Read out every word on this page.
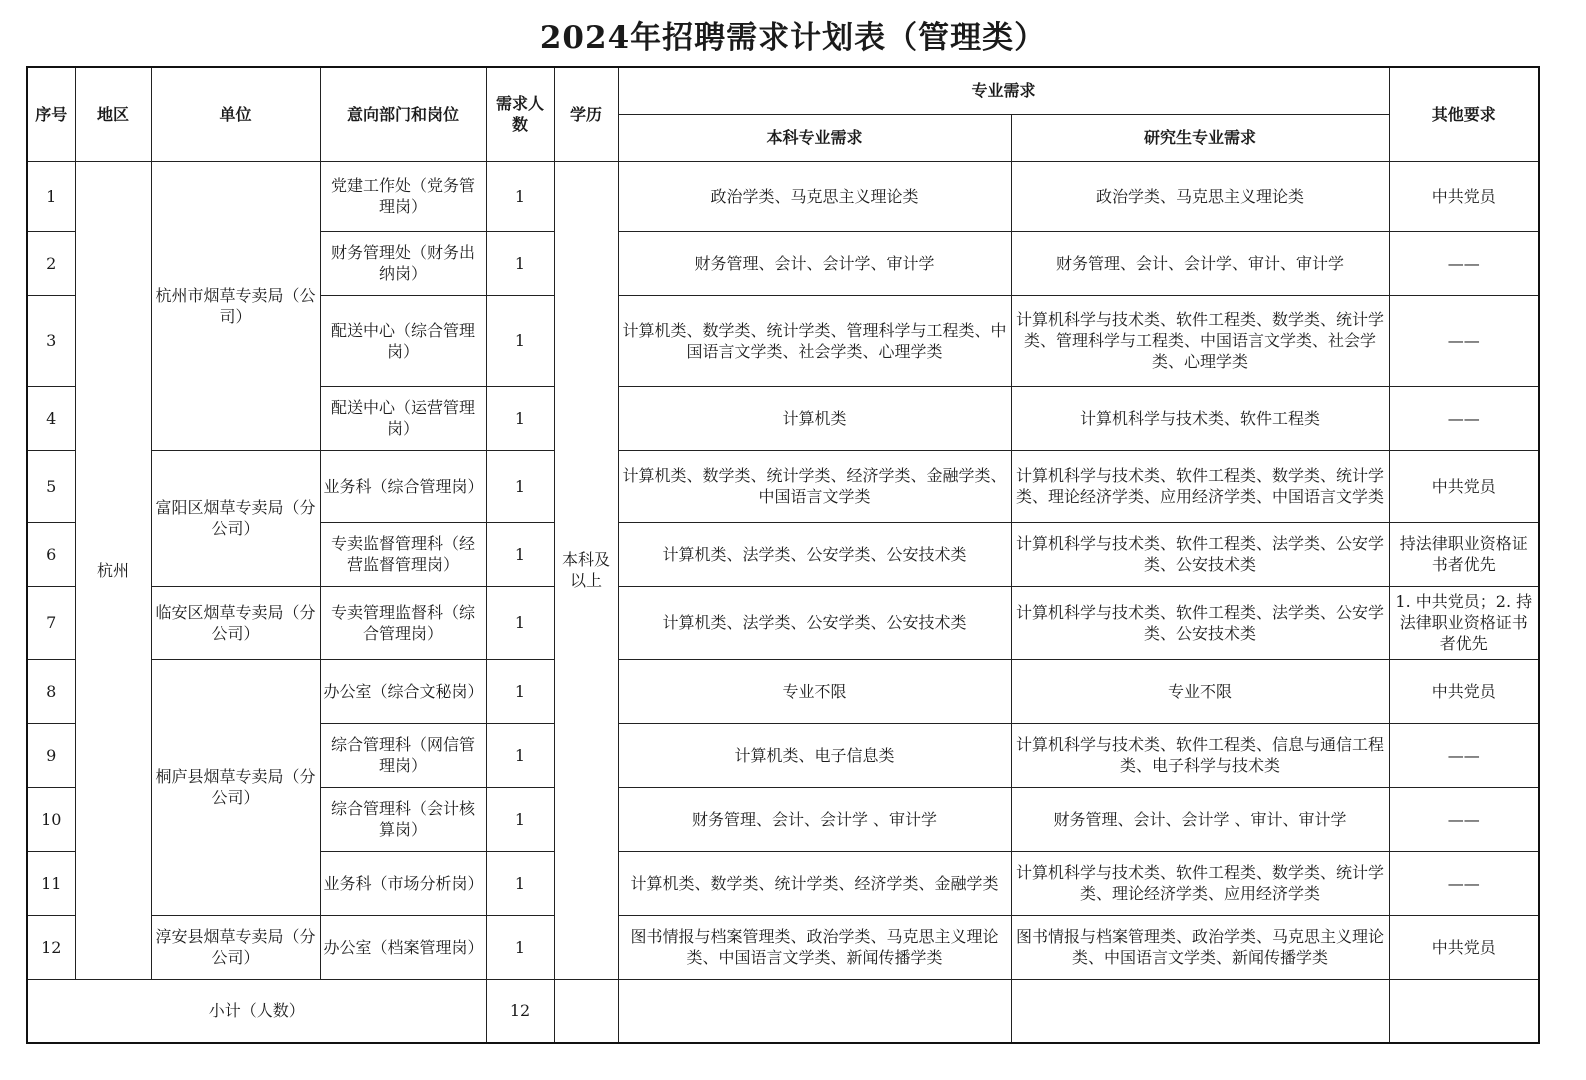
2024年招聘需求计划表（管理类）
序号	地区	单位	意向部门和岗位	需求人数	学历	专业需求		其他要求
						本科专业需求	研究生专业需求	
1	杭州	杭州市烟草专卖局（公司）	党建工作处（党务管理岗）	1	本科及以上	政治学类、马克思主义理论类	政治学类、马克思主义理论类	中共党员
2			财务管理处（财务出纳岗）	1		财务管理、会计、会计学、审计学	财务管理、会计、会计学、审计、审计学	——
3			配送中心（综合管理岗）	1		计算机类、数学类、统计学类、管理科学与工程类、中国语言文学类、社会学类、心理学类	计算机科学与技术类、软件工程类、数学类、统计学类、管理科学与工程类、中国语言文学类、社会学类、心理学类	——
4			配送中心（运营管理岗）	1		计算机类	计算机科学与技术类、软件工程类	——
5		富阳区烟草专卖局（分公司）	业务科（综合管理岗）	1		计算机类、数学类、统计学类、经济学类、金融学类、中国语言文学类	计算机科学与技术类、软件工程类、数学类、统计学类、理论经济学类、应用经济学类、中国语言文学类	中共党员
6			专卖监督管理科（经营监督管理岗）	1		计算机类、法学类、公安学类、公安技术类	计算机科学与技术类、软件工程类、法学类、公安学类、公安技术类	持法律职业资格证书者优先
7		临安区烟草专卖局（分公司）	专卖管理监督科（综合管理岗）	1		计算机类、法学类、公安学类、公安技术类	计算机科学与技术类、软件工程类、法学类、公安学类、公安技术类	1. 中共党员；2. 持法律职业资格证书者优先
8		桐庐县烟草专卖局（分公司）	办公室（综合文秘岗）	1		专业不限	专业不限	中共党员
9			综合管理科（网信管理岗）	1		计算机类、电子信息类	计算机科学与技术类、软件工程类、信息与通信工程类、电子科学与技术类	——
10			综合管理科（会计核算岗）	1		财务管理、会计、会计学 、审计学	财务管理、会计、会计学 、审计、审计学	——
11			业务科（市场分析岗）	1		计算机类、数学类、统计学类、经济学类、金融学类	计算机科学与技术类、软件工程类、数学类、统计学类、理论经济学类、应用经济学类	——
12		淳安县烟草专卖局（分公司）	办公室（档案管理岗）	1		图书情报与档案管理类、政治学类、马克思主义理论类、中国语言文学类、新闻传播学类	图书情报与档案管理类、政治学类、马克思主义理论类、中国语言文学类、新闻传播学类	中共党员
小计（人数）				12				
